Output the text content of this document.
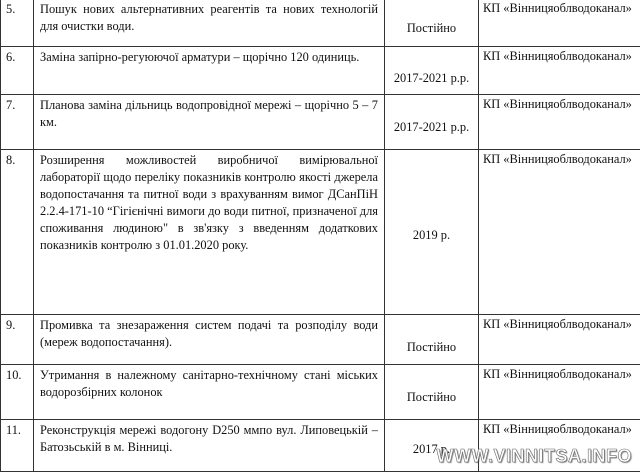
5.	Пошук нових альтернативних реагентів та нових технологій для очистки води.	Постійно	КП «Вінницяоблводоканал»
6.	Заміна запірно-регуюючої арматури – щорічно 120 одиниць.	2017-2021 р.р.	КП «Вінницяоблводоканал»
7.	Планова заміна дільниць водопровідної мережі – щорічно 5 – 7 км.	2017-2021 р.р.	КП «Вінницяоблводоканал»
8.	Розширення можливостей виробничої вимірювальної лабораторії щодо переліку показників контролю якості джерела водопостачання та питної води з врахуванням вимог ДСанПіН 2.2.4-171-10 “Гігієнічні вимоги до води питної, призначеної для споживання людиною" в зв'язку з введенням додаткових показників контролю з 01.01.2020 року.	2019 р.	КП «Вінницяоблводоканал»
9.	Промивка та знезараження систем подачі та розподілу води (мереж водопостачання).	Постійно	КП «Вінницяоблводоканал»
10.	Утримання в належному санітарно-технічному стані міських водорозбірних колонок	Постійно	КП «Вінницяоблводоканал»
11.	Реконструкція мережі водогону D250 ммпо вул. Липовецькій – Батозьській в м. Вінниці.	2017 р.	КП «Вінницяоблводоканал»
WWW.VINNITSA.INFO
